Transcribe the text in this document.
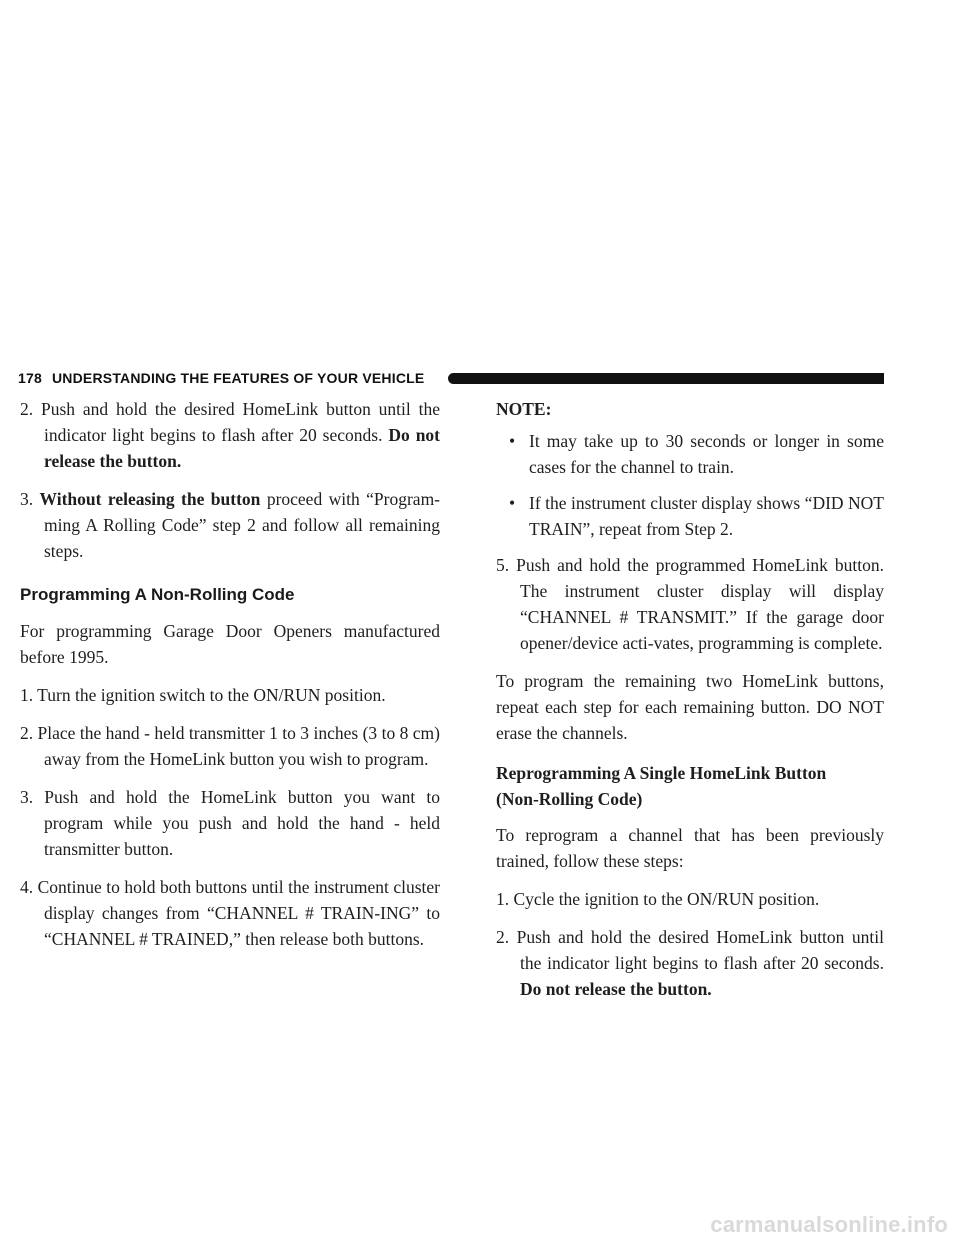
178 UNDERSTANDING THE FEATURES OF YOUR VEHICLE

2. Push and hold the desired HomeLink button until the indicator light begins to flash after 20 seconds. Do not release the button.

3. Without releasing the button proceed with “Program-ming A Rolling Code” step 2 and follow all remaining steps.

Programming A Non-Rolling Code

For programming Garage Door Openers manufactured before 1995.

1. Turn the ignition switch to the ON/RUN position.

2. Place the hand - held transmitter 1 to 3 inches (3 to 8 cm) away from the HomeLink button you wish to program.

3. Push and hold the HomeLink button you want to program while you push and hold the hand - held transmitter button.

4. Continue to hold both buttons until the instrument cluster display changes from “CHANNEL # TRAIN-ING” to “CHANNEL # TRAINED,” then release both buttons.

NOTE:

• It may take up to 30 seconds or longer in some cases for the channel to train.

• If the instrument cluster display shows “DID NOT TRAIN”, repeat from Step 2.

5. Push and hold the programmed HomeLink button. The instrument cluster display will display “CHANNEL # TRANSMIT.” If the garage door opener/device acti-vates, programming is complete.

To program the remaining two HomeLink buttons, repeat each step for each remaining button. DO NOT erase the channels.

Reprogramming A Single HomeLink Button
(Non-Rolling Code)

To reprogram a channel that has been previously trained, follow these steps:

1. Cycle the ignition to the ON/RUN position.

2. Push and hold the desired HomeLink button until the indicator light begins to flash after 20 seconds. Do not release the button.

carmanualsonline.info
